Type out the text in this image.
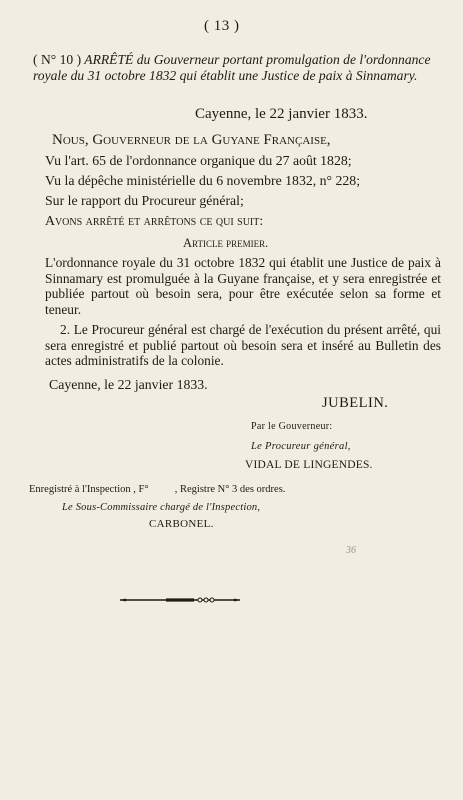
( 13 )
( N° 10 ) ARRÊTÉ du Gouverneur portant promulgation de l'ordonnance royale du 31 octobre 1832 qui établit une Justice de paix à Sinnamary.
Cayenne, le 22 janvier 1833.
Nous, Gouverneur de la Guyane Française,
Vu l'art. 65 de l'ordonnance organique du 27 août 1828;
Vu la dépêche ministérielle du 6 novembre 1832, n° 228;
Sur le rapport du Procureur général;
Avons arrêté et arrêtons ce qui suit:
Article premier.
L'ordonnance royale du 31 octobre 1832 qui établit une Justice de paix à Sinnamary est promulguée à la Guyane française, et y sera enregistrée et publiée partout où besoin sera, pour être exécutée selon sa forme et teneur.
2. Le Procureur général est chargé de l'exécution du présent arrêté, qui sera enregistré et publié partout où besoin sera et inséré au Bulletin des actes administratifs de la colonie.
Cayenne, le 22 janvier 1833.
JUBELIN.
Par le Gouverneur:
Le Procureur général,
VIDAL DE LINGENDES.
Enregistré à l'Inspection , F°          , Registre N° 3 des ordres.
Le Sous-Commissaire chargé de l'Inspection,
CARBONEL.
36
